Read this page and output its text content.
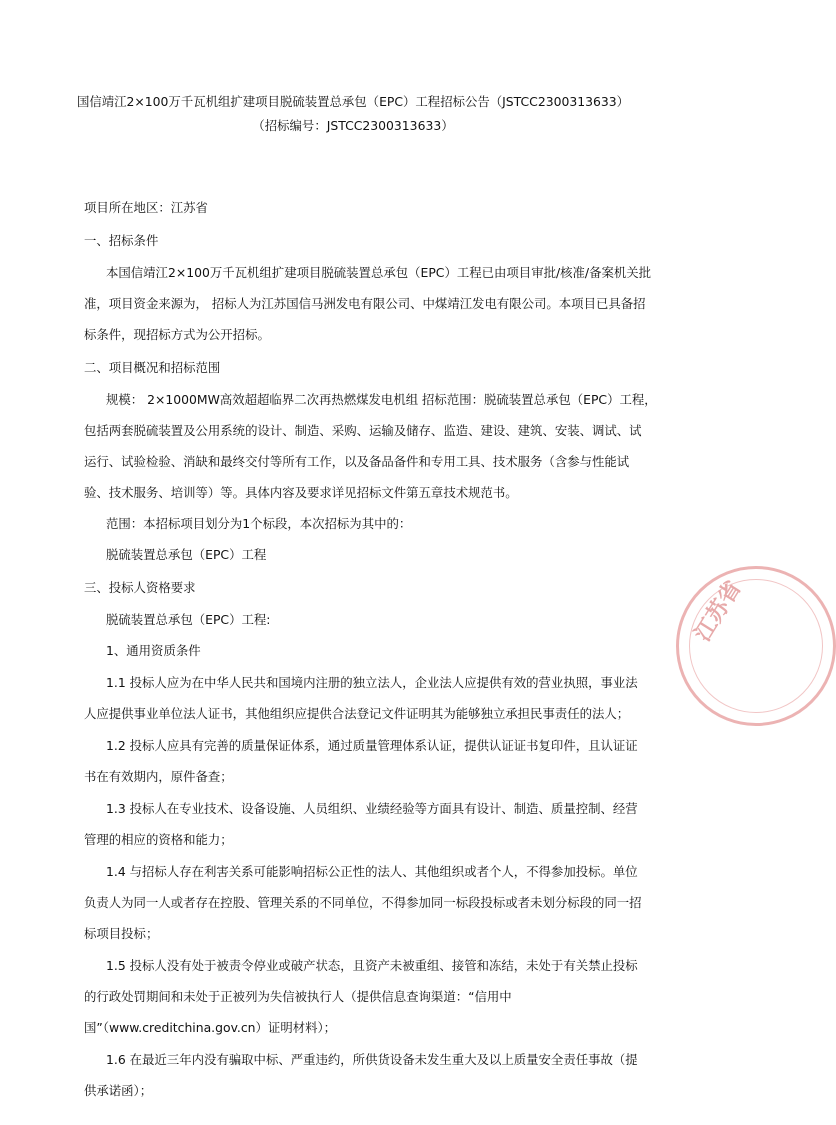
国信靖江2×100万千瓦机组扩建项目脱硫装置总承包（EPC）工程招标公告（JSTCC2300313633）

（招标编号：JSTCC2300313633）

项目所在地区：江苏省

一、招标条件

本国信靖江2×100万千瓦机组扩建项目脱硫装置总承包（EPC）工程已由项目审批/核准/备案机关批

准，项目资金来源为， 招标人为江苏国信马洲发电有限公司、中煤靖江发电有限公司。本项目已具备招

标条件，现招标方式为公开招标。

二、项目概况和招标范围

规模： 2×1000MW高效超超临界二次再热燃煤发电机组 招标范围：脱硫装置总承包（EPC）工程，

包括两套脱硫装置及公用系统的设计、制造、采购、运输及储存、监造、建设、建筑、安装、调试、试

运行、试验检验、消缺和最终交付等所有工作，以及备品备件和专用工具、技术服务（含参与性能试

验、技术服务、培训等）等。具体内容及要求详见招标文件第五章技术规范书。

范围：本招标项目划分为1个标段，本次招标为其中的：

脱硫装置总承包（EPC）工程

三、投标人资格要求

脱硫装置总承包（EPC）工程:

1、通用资质条件

1.1 投标人应为在中华人民共和国境内注册的独立法人，企业法人应提供有效的营业执照，事业法

人应提供事业单位法人证书，其他组织应提供合法登记文件证明其为能够独立承担民事责任的法人；

1.2 投标人应具有完善的质量保证体系，通过质量管理体系认证，提供认证证书复印件，且认证证

书在有效期内，原件备查；

1.3 投标人在专业技术、设备设施、人员组织、业绩经验等方面具有设计、制造、质量控制、经营

管理的相应的资格和能力；

1.4 与招标人存在利害关系可能影响招标公正性的法人、其他组织或者个人，不得参加投标。单位

负责人为同一人或者存在控股、管理关系的不同单位，不得参加同一标段投标或者未划分标段的同一招

标项目投标；

1.5 投标人没有处于被责令停业或破产状态，且资产未被重组、接管和冻结，未处于有关禁止投标

的行政处罚期间和未处于正被列为失信被执行人（提供信息查询渠道：“信用中

国”（www.creditchina.gov.cn）证明材料）；

1.6 在最近三年内没有骗取中标、严重违约，所供货设备未发生重大及以上质量安全责任事故（提

供承诺函）；

江苏省
